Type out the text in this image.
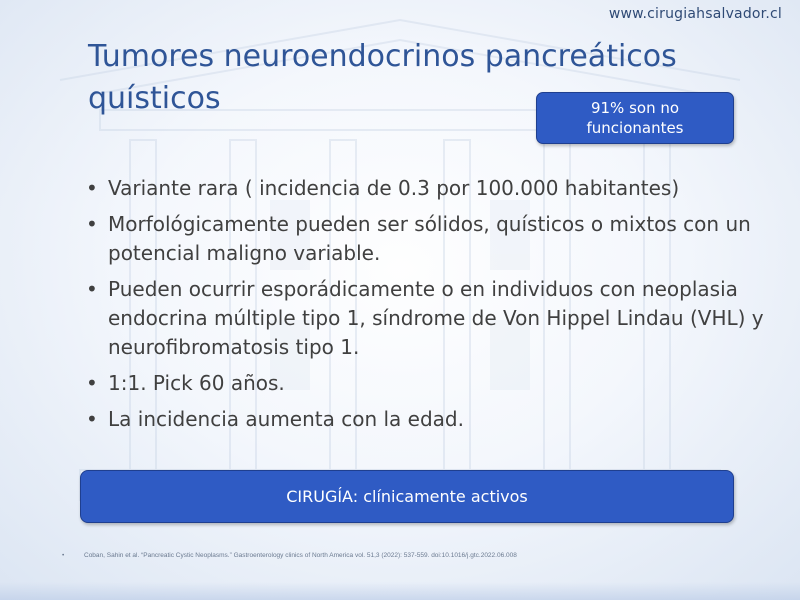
www.cirugiahsalvador.cl
Tumores neuroendocrinos pancreáticos quísticos	91% son no
funcionantes
• Variante rara ( incidencia de 0.3 por 100.000 habitantes)
• Morfológicamente pueden ser sólidos, quísticos o mixtos con un potencial maligno variable.
• Pueden ocurrir esporádicamente o en individuos con neoplasia endocrina múltiple tipo 1, síndrome de Von Hippel Lindau (VHL) y neurofibromatosis tipo 1.
• 1:1. Pick 60 años.
• La incidencia aumenta con la edad.
CIRUGÍA: clínicamente activos
•	Coban, Sahin et al. “Pancreatic Cystic Neoplasms.” Gastroenterology clinics of North America vol. 51,3 (2022): 537-559. doi:10.1016/j.gtc.2022.06.008
